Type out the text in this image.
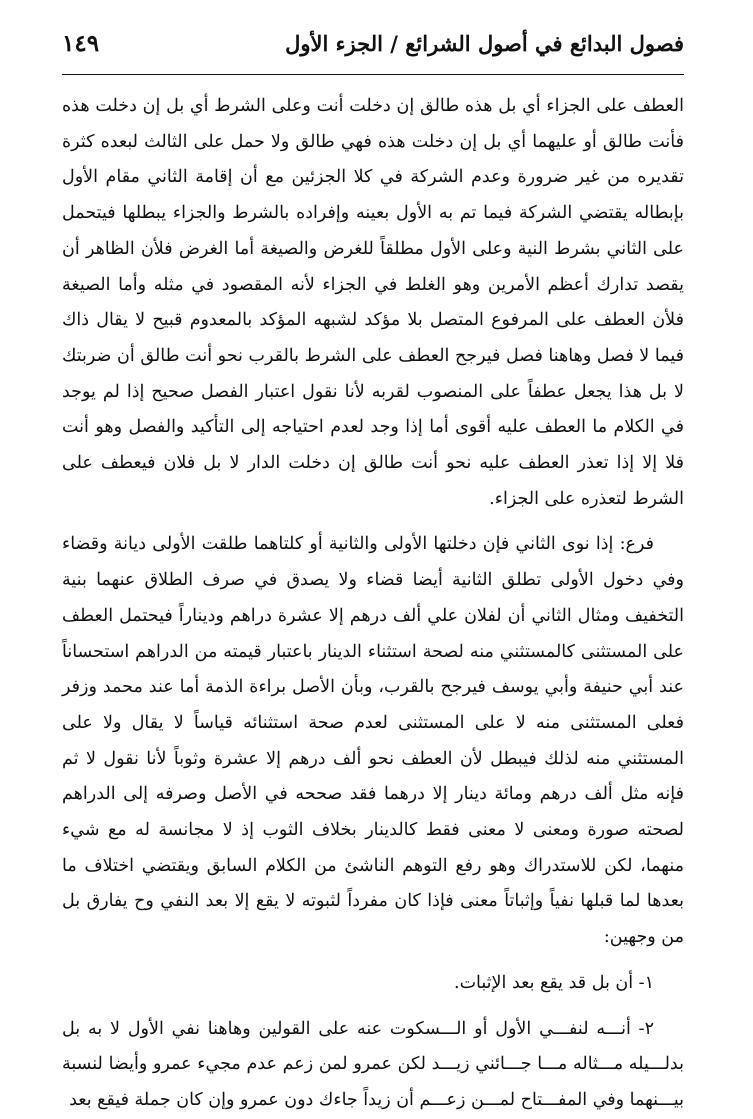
فصول البدائع في أصول الشرائع / الجزء الأول
١٤٩

العطف على الجزاء أي بل هذه طالق إن دخلت أنت وعلى الشرط أي بل إن دخلت هذه فأنت طالق أو عليهما أي بل إن دخلت هذه فهي طالق ولا حمل على الثالث لبعده كثرة تقديره من غير ضرورة وعدم الشركة في كلا الجزئين مع أن إقامة الثاني مقام الأول بإبطاله يقتضي الشركة فيما تم به الأول بعينه وإفراده بالشرط والجزاء يبطلها فيتحمل على الثاني بشرط النية وعلى الأول مطلقاً للغرض والصيغة أما الغرض فلأن الظاهر أن يقصد تدارك أعظم الأمرين وهو الغلط في الجزاء لأنه المقصود في مثله وأما الصيغة فلأن العطف على المرفوع المتصل بلا مؤكد لشبهه المؤكد بالمعدوم قبيح لا يقال ذاك فيما لا فصل وهاهنا فصل فيرجح العطف على الشرط بالقرب نحو أنت طالق أن ضربتك لا بل هذا يجعل عطفاً على المنصوب لقربه لأنا نقول اعتبار الفصل صحيح إذا لم يوجد في الكلام ما العطف عليه أقوى أما إذا وجد لعدم احتياجه إلى التأكيد والفصل وهو أنت فلا إلا إذا تعذر العطف عليه نحو أنت طالق إن دخلت الدار لا بل فلان فيعطف على الشرط لتعذره على الجزاء.

فرع: إذا نوى الثاني فإن دخلتها الأولى والثانية أو كلتاهما طلقت الأولى ديانة وقضاء وفي دخول الأولى تطلق الثانية أيضا قضاء ولا يصدق في صرف الطلاق عنهما بنية التخفيف ومثال الثاني أن لفلان علي ألف درهم إلا عشرة دراهم وديناراً فيحتمل العطف على المستثنى كالمستثني منه لصحة استثناء الدينار باعتبار قيمته من الدراهم استحساناً عند أبي حنيفة وأبي يوسف فيرجح بالقرب، وبأن الأصل براءة الذمة أما عند محمد وزفر فعلى المستثنى منه لا على المستثنى لعدم صحة استثنائه قياساً لا يقال ولا على المستثني منه لذلك فيبطل لأن العطف نحو ألف درهم إلا عشرة وثوباً لأنا نقول لا ثم فإنه مثل ألف درهم ومائة دينار إلا درهما فقد صححه في الأصل وصرفه إلى الدراهم لصحته صورة ومعنى لا معنى فقط كالدينار بخلاف الثوب إذ لا مجانسة له مع شيء منهما، لكن للاستدراك وهو رفع التوهم الناشئ من الكلام السابق ويقتضي اختلاف ما بعدها لما قبلها نفياً وإثباتاً معنى فإذا كان مفرداً لثبوته لا يقع إلا بعد النفي وح يفارق بل من وجهين:

١- أن بل قد يقع بعد الإثبات.

٢- أنـــه لنفـــي الأول أو الـــسكوت عنه على القولين وهاهنا نفي الأول لا به بل بدلـــيله مـــثاله مـــا جـــائني زيـــد لكن عمرو لمن زعم عدم مجيء عمرو وأيضا لنسبة بيـــنهما وفي المفـــتاح لمـــن زعـــم أن زيداً جاءك دون عمرو وإن كان جملة فيقع بعد
